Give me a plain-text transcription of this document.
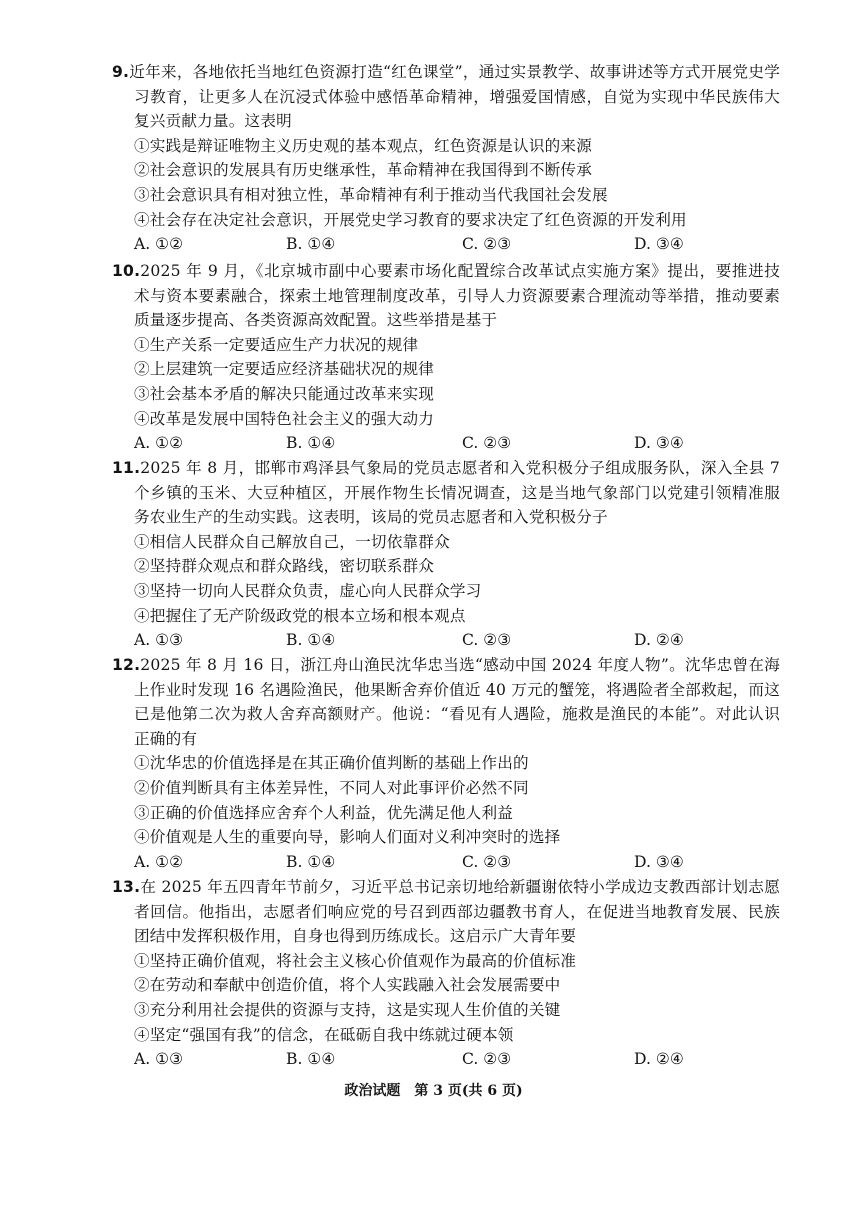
9.近年来，各地依托当地红色资源打造“红色课堂”，通过实景教学、故事讲述等方式开展党史学习教育，让更多人在沉浸式体验中感悟革命精神，增强爱国情感，自觉为实现中华民族伟大复兴贡献力量。这表明
①实践是辩证唯物主义历史观的基本观点，红色资源是认识的来源
②社会意识的发展具有历史继承性，革命精神在我国得到不断传承
③社会意识具有相对独立性，革命精神有利于推动当代我国社会发展
④社会存在决定社会意识，开展党史学习教育的要求决定了红色资源的开发利用
A. ①②	B. ①④	C. ②③	D. ③④
10.2025 年 9 月，《北京城市副中心要素市场化配置综合改革试点实施方案》提出，要推进技术与资本要素融合，探索土地管理制度改革，引导人力资源要素合理流动等举措，推动要素质量逐步提高、各类资源高效配置。这些举措是基于
①生产关系一定要适应生产力状况的规律
②上层建筑一定要适应经济基础状况的规律
③社会基本矛盾的解决只能通过改革来实现
④改革是发展中国特色社会主义的强大动力
A. ①②	B. ①④	C. ②③	D. ③④
11.2025 年 8 月，邯郸市鸡泽县气象局的党员志愿者和入党积极分子组成服务队，深入全县 7 个乡镇的玉米、大豆种植区，开展作物生长情况调查，这是当地气象部门以党建引领精准服务农业生产的生动实践。这表明，该局的党员志愿者和入党积极分子
①相信人民群众自己解放自己，一切依靠群众
②坚持群众观点和群众路线，密切联系群众
③坚持一切向人民群众负责，虚心向人民群众学习
④把握住了无产阶级政党的根本立场和根本观点
A. ①③	B. ①④	C. ②③	D. ②④
12.2025 年 8 月 16 日，浙江舟山渔民沈华忠当选“感动中国 2024 年度人物”。沈华忠曾在海上作业时发现 16 名遇险渔民，他果断舍弃价值近 40 万元的蟹笼，将遇险者全部救起，而这已是他第二次为救人舍弃高额财产。他说：“看见有人遇险，施救是渔民的本能”。对此认识正确的有
①沈华忠的价值选择是在其正确价值判断的基础上作出的
②价值判断具有主体差异性，不同人对此事评价必然不同
③正确的价值选择应舍弃个人利益，优先满足他人利益
④价值观是人生的重要向导，影响人们面对义利冲突时的选择
A. ①②	B. ①④	C. ②③	D. ③④
13.在 2025 年五四青年节前夕，习近平总书记亲切地给新疆谢依特小学成边支教西部计划志愿者回信。他指出，志愿者们响应党的号召到西部边疆教书育人，在促进当地教育发展、民族团结中发挥积极作用，自身也得到历练成长。这启示广大青年要
①坚持正确价值观，将社会主义核心价值观作为最高的价值标准
②在劳动和奉献中创造价值，将个人实践融入社会发展需要中
③充分利用社会提供的资源与支持，这是实现人生价值的关键
④坚定“强国有我”的信念，在砥砺自我中练就过硬本领
A. ①③	B. ①④	C. ②③	D. ②④
政治试题　第 3 页(共 6 页)
